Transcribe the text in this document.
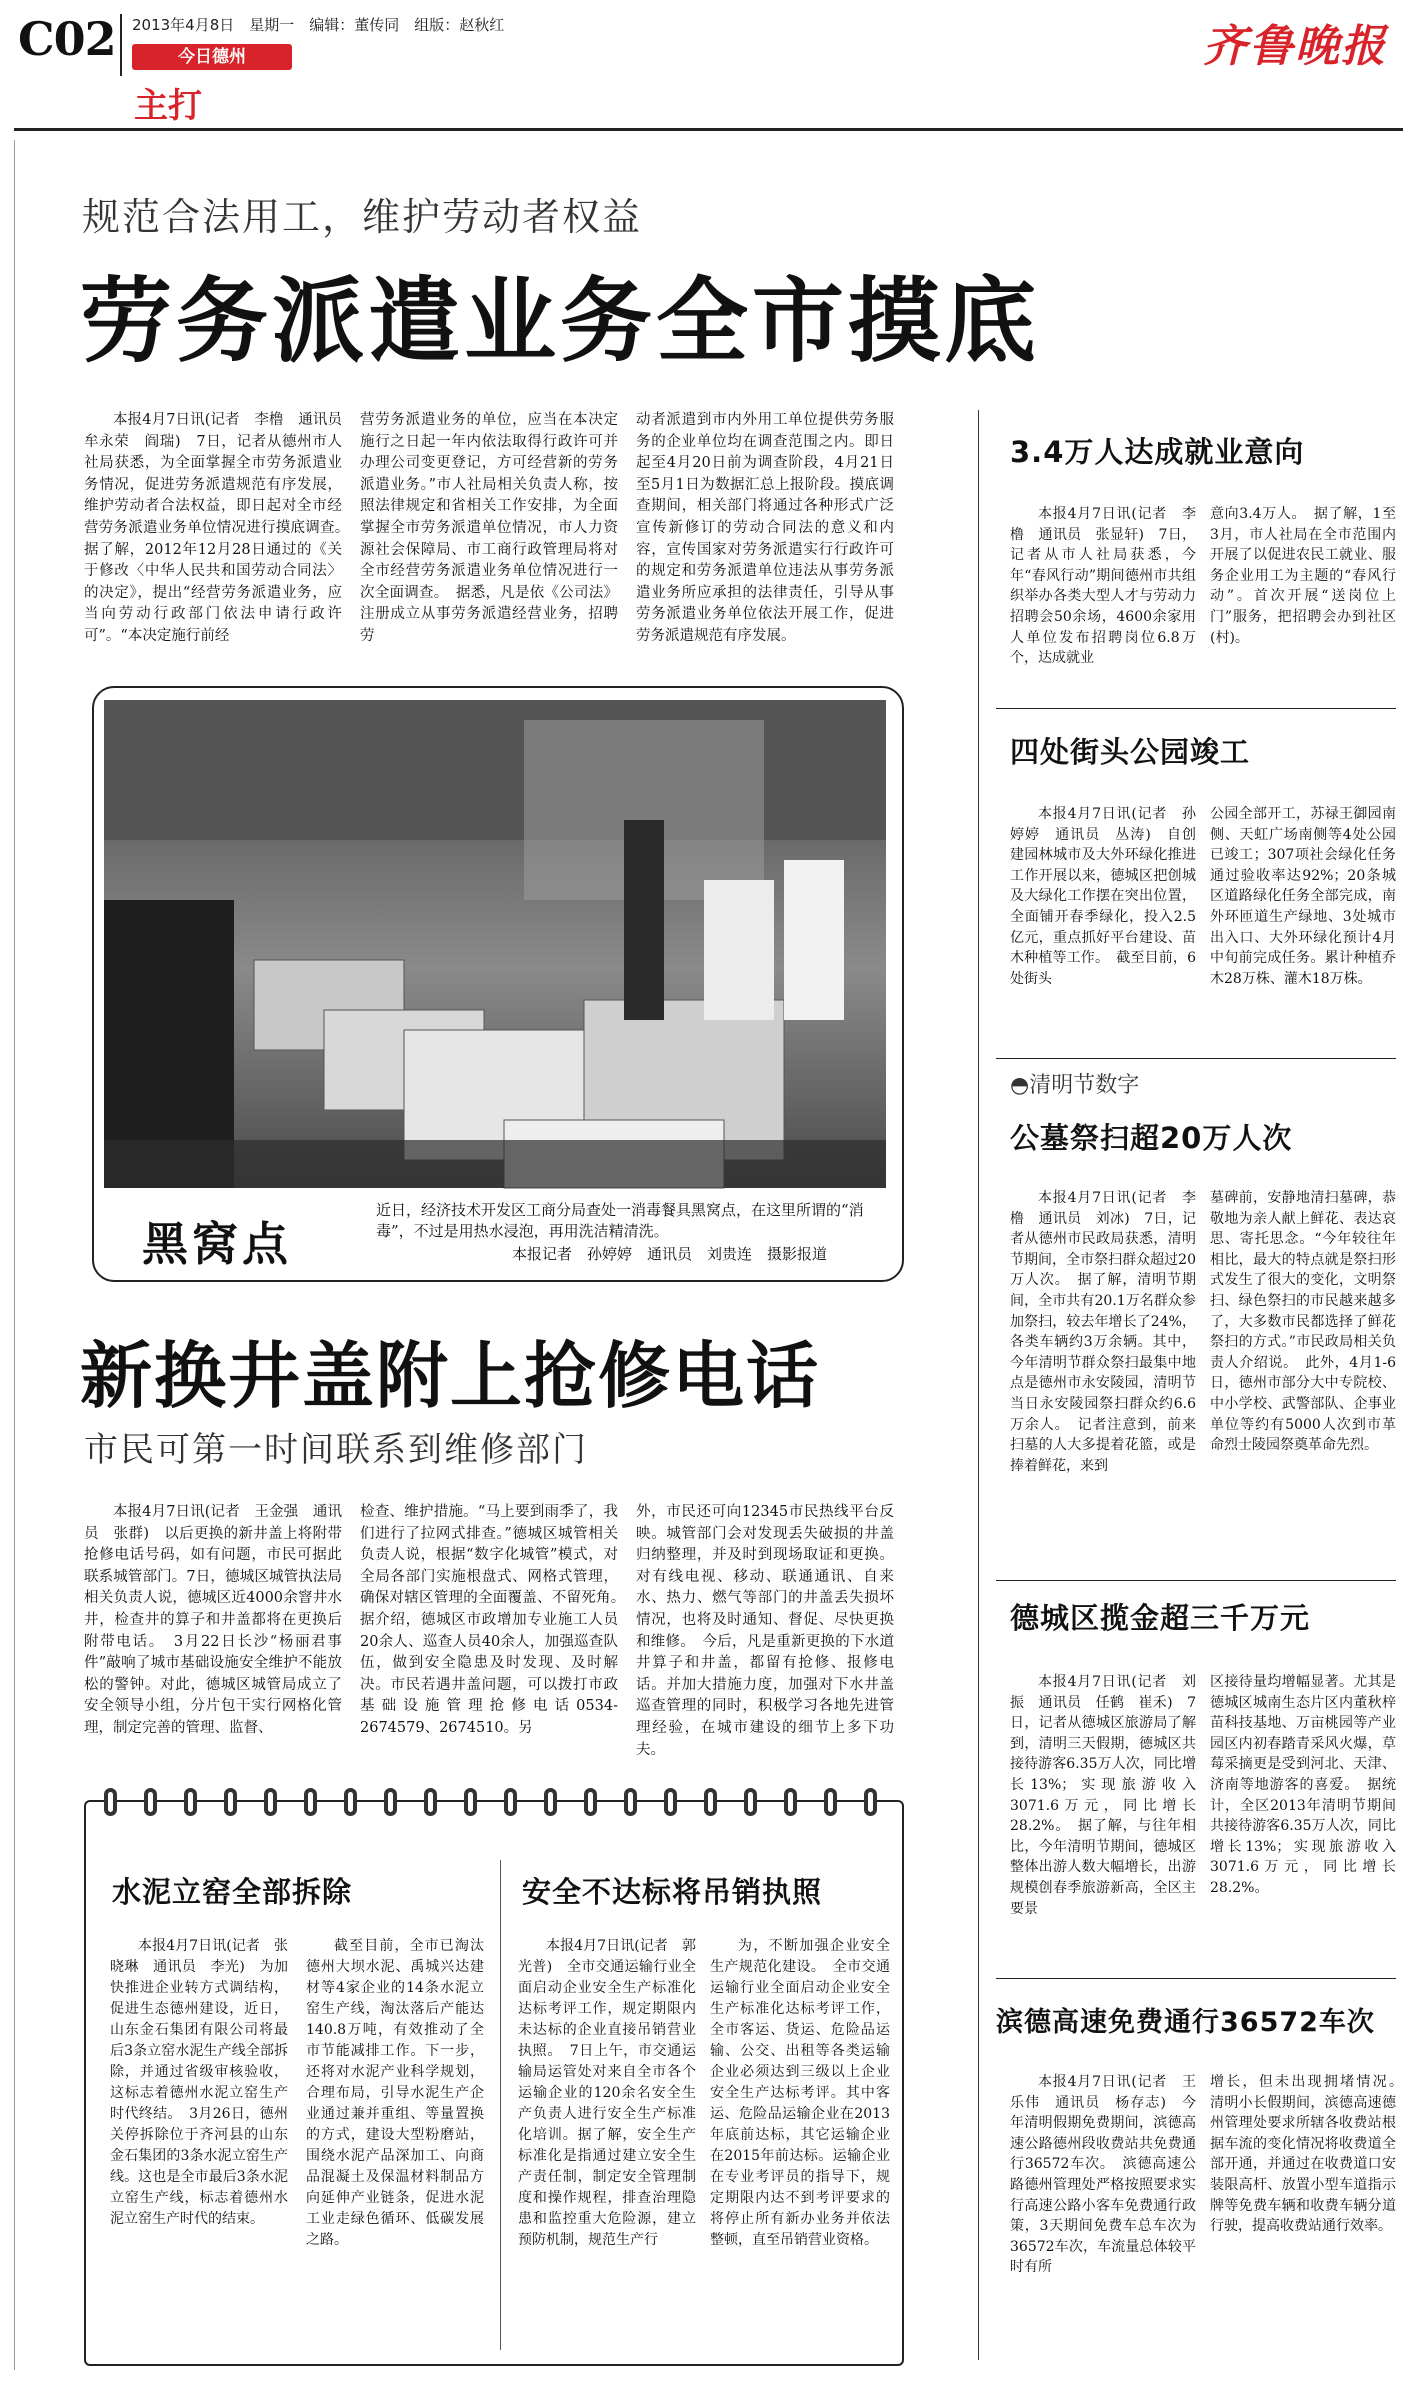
C02 2013年4月8日　星期一　编辑：董传同　组版：赵秋红
今日德州
主打
齐鲁晚报
规范合法用工，维护劳动者权益
劳务派遣业务全市摸底

本报4月7日讯(记者　李橹　通讯员　牟永荣　阎瑞)　7日，记者从德州市人社局获悉，为全面掌握全市劳务派遣业务情况，促进劳务派遣规范有序发展，维护劳动者合法权益，即日起对全市经营劳务派遣业务单位情况进行摸底调查。　据了解，2012年12月28日通过的《关于修改〈中华人民共和国劳动合同法〉的决定》，提出“经营劳务派遣业务，应当向劳动行政部门依法申请行政许可”。“本决定施行前经

营劳务派遣业务的单位，应当在本决定施行之日起一年内依法取得行政许可并办理公司变更登记，方可经营新的劳务派遣业务。”市人社局相关负责人称，按照法律规定和省相关工作安排，为全面掌握全市劳务派遣单位情况，市人力资源社会保障局、市工商行政管理局将对全市经营劳务派遣业务单位情况进行一次全面调查。　据悉，凡是依《公司法》注册成立从事劳务派遣经营业务，招聘劳

动者派遣到市内外用工单位提供劳务服务的企业单位均在调查范围之内。即日起至4月20日前为调查阶段，4月21日至5月1日为数据汇总上报阶段。摸底调查期间，相关部门将通过各种形式广泛宣传新修订的劳动合同法的意义和内容，宣传国家对劳务派遣实行行政许可的规定和劳务派遣单位违法从事劳务派遣业务所应承担的法律责任，引导从事劳务派遣业务单位依法开展工作，促进劳务派遣规范有序发展。

黑窝点
近日，经济技术开发区工商分局查处一消毒餐具黑窝点，在这里所谓的“消毒”，不过是用热水浸泡，再用洗洁精清洗。
本报记者　孙婷婷　通讯员　刘贵连　摄影报道
新换井盖附上抢修电话
市民可第一时间联系到维修部门

本报4月7日讯(记者　王金强　通讯员　张群)　以后更换的新井盖上将附带抢修电话号码，如有问题，市民可据此联系城管部门。7日，德城区城管执法局相关负责人说，德城区近4000余窨井水井，检查井的算子和井盖都将在更换后附带电话。　3月22日长沙“杨丽君事件”敲响了城市基础设施安全维护不能放松的警钟。对此，德城区城管局成立了安全领导小组，分片包干实行网格化管理，制定完善的管理、监督、

检查、维护措施。“马上要到雨季了，我们进行了拉网式排查。”德城区城管相关负责人说，根据“数字化城管”模式，对全局各部门实施根盘式、网格式管理，确保对辖区管理的全面覆盖、不留死角。　据介绍，德城区市政增加专业施工人员20余人、巡查人员40余人，加强巡查队伍，做到安全隐患及时发现、及时解决。市民若遇井盖问题，可以拨打市政基础设施管理抢修电话0534-2674579、2674510。另

外，市民还可向12345市民热线平台反映。城管部门会对发现丢失破损的井盖归纳整理，并及时到现场取证和更换。对有线电视、移动、联通通讯、自来水、热力、燃气等部门的井盖丢失损坏情况，也将及时通知、督促、尽快更换和维修。　今后，凡是重新更换的下水道井算子和井盖，都留有抢修、报修电话。并加大措施力度，加强对下水井盖巡查管理的同时，积极学习各地先进管理经验，在城市建设的细节上多下功夫。

水泥立窑全部拆除

本报4月7日讯(记者　张晓琳　通讯员　李光)　为加快推进企业转方式调结构，促进生态德州建设，近日，山东金石集团有限公司将最后3条立窑水泥生产线全部拆除，并通过省级审核验收，这标志着德州水泥立窑生产时代终结。　3月26日，德州关停拆除位于齐河县的山东金石集团的3条水泥立窑生产线。这也是全市最后3条水泥立窑生产线，标志着德州水泥立窑生产时代的结束。

截至目前，全市已淘汰德州大坝水泥、禹城兴达建材等4家企业的14条水泥立窑生产线，淘汰落后产能达140.8万吨，有效推动了全市节能减排工作。下一步，还将对水泥产业科学规划，合理布局，引导水泥生产企业通过兼并重组、等量置换的方式，建设大型粉磨站，围绕水泥产品深加工、向商品混凝土及保温材料制品方向延伸产业链条，促进水泥工业走绿色循环、低碳发展之路。

安全不达标将吊销执照

本报4月7日讯(记者　郭光普)　全市交通运输行业全面启动企业安全生产标准化达标考评工作，规定期限内未达标的企业直接吊销营业执照。　7日上午，市交通运输局运管处对来自全市各个运输企业的120余名安全生产负责人进行安全生产标准化培训。据了解，安全生产标准化是指通过建立安全生产责任制，制定安全管理制度和操作规程，排查治理隐患和监控重大危险源，建立预防机制，规范生产行

为，不断加强企业安全生产规范化建设。　全市交通运输行业全面启动企业安全生产标准化达标考评工作，全市客运、货运、危险品运输、公交、出租等各类运输企业必须达到三级以上企业安全生产达标考评。其中客运、危险品运输企业在2013年底前达标，其它运输企业在2015年前达标。运输企业在专业考评员的指导下，规定期限内达不到考评要求的将停止所有新办业务并依法整顿，直至吊销营业资格。

3.4万人达成就业意向

本报4月7日讯(记者　李橹　通讯员　张显轩)　7日，记者从市人社局获悉，今年“春风行动”期间德州市共组织举办各类大型人才与劳动力招聘会50余场，4600余家用人单位发布招聘岗位6.8万个，达成就业

意向3.4万人。　据了解，1至3月，市人社局在全市范围内开展了以促进农民工就业、服务企业用工为主题的“春风行动”。首次开展“送岗位上门”服务，把招聘会办到社区(村)。

四处街头公园竣工

本报4月7日讯(记者　孙婷婷　通讯员　丛涛)　自创建园林城市及大外环绿化推进工作开展以来，德城区把创城及大绿化工作摆在突出位置，全面铺开春季绿化，投入2.5亿元，重点抓好平台建设、苗木种植等工作。　截至目前，6处街头

公园全部开工，苏禄王御园南侧、天虹广场南侧等4处公园已竣工；307项社会绿化任务通过验收率达92%；20条城区道路绿化任务全部完成，南外环匝道生产绿地、3处城市出入口、大外环绿化预计4月中旬前完成任务。累计种植乔木28万株、灌木18万株。

◓清明节数字
公墓祭扫超20万人次

本报4月7日讯(记者　李橹　通讯员　刘冰)　7日，记者从德州市民政局获悉，清明节期间，全市祭扫群众超过20万人次。　据了解，清明节期间，全市共有20.1万名群众参加祭扫，较去年增长了24%，各类车辆约3万余辆。其中，今年清明节群众祭扫最集中地点是德州市永安陵园，清明节当日永安陵园祭扫群众约6.6万余人。　记者注意到，前来扫墓的人大多提着花篮，或是捧着鲜花，来到

墓碑前，安静地清扫墓碑，恭敬地为亲人献上鲜花、表达哀思、寄托思念。“今年较往年相比，最大的特点就是祭扫形式发生了很大的变化，文明祭扫、绿色祭扫的市民越来越多了，大多数市民都选择了鲜花祭扫的方式。”市民政局相关负责人介绍说。　此外，4月1-6日，德州市部分大中专院校、中小学校、武警部队、企事业单位等约有5000人次到市革命烈士陵园祭奠革命先烈。

德城区揽金超三千万元

本报4月7日讯(记者　刘振　通讯员　任鹤　崔禾)　7日，记者从德城区旅游局了解到，清明三天假期，德城区共接待游客6.35万人次，同比增长13%；实现旅游收入3071.6万元，同比增长28.2%。　据了解，与往年相比，今年清明节期间，德城区整体出游人数大幅增长，出游规模创春季旅游新高，全区主要景

区接待量均增幅显著。尤其是德城区城南生态片区内董秋梓苗科技基地、万亩桃园等产业园区内初春踏青采风火爆，草莓采摘更是受到河北、天津、济南等地游客的喜爱。　据统计，全区2013年清明节期间共接待游客6.35万人次，同比增长13%；实现旅游收入3071.6万元，同比增长28.2%。

滨德高速免费通行36572车次

本报4月7日讯(记者　王乐伟　通讯员　杨存志)　今年清明假期免费期间，滨德高速公路德州段收费站共免费通行36572车次。　滨德高速公路德州管理处严格按照要求实行高速公路小客车免费通行政策，3天期间免费车总车次为36572车次，车流量总体较平时有所

增长，但未出现拥堵情况。　清明小长假期间，滨德高速德州管理处要求所辖各收费站根据车流的变化情况将收费道全部开通，并通过在收费道口安装限高杆、放置小型车道指示牌等免费车辆和收费车辆分道行驶，提高收费站通行效率。
